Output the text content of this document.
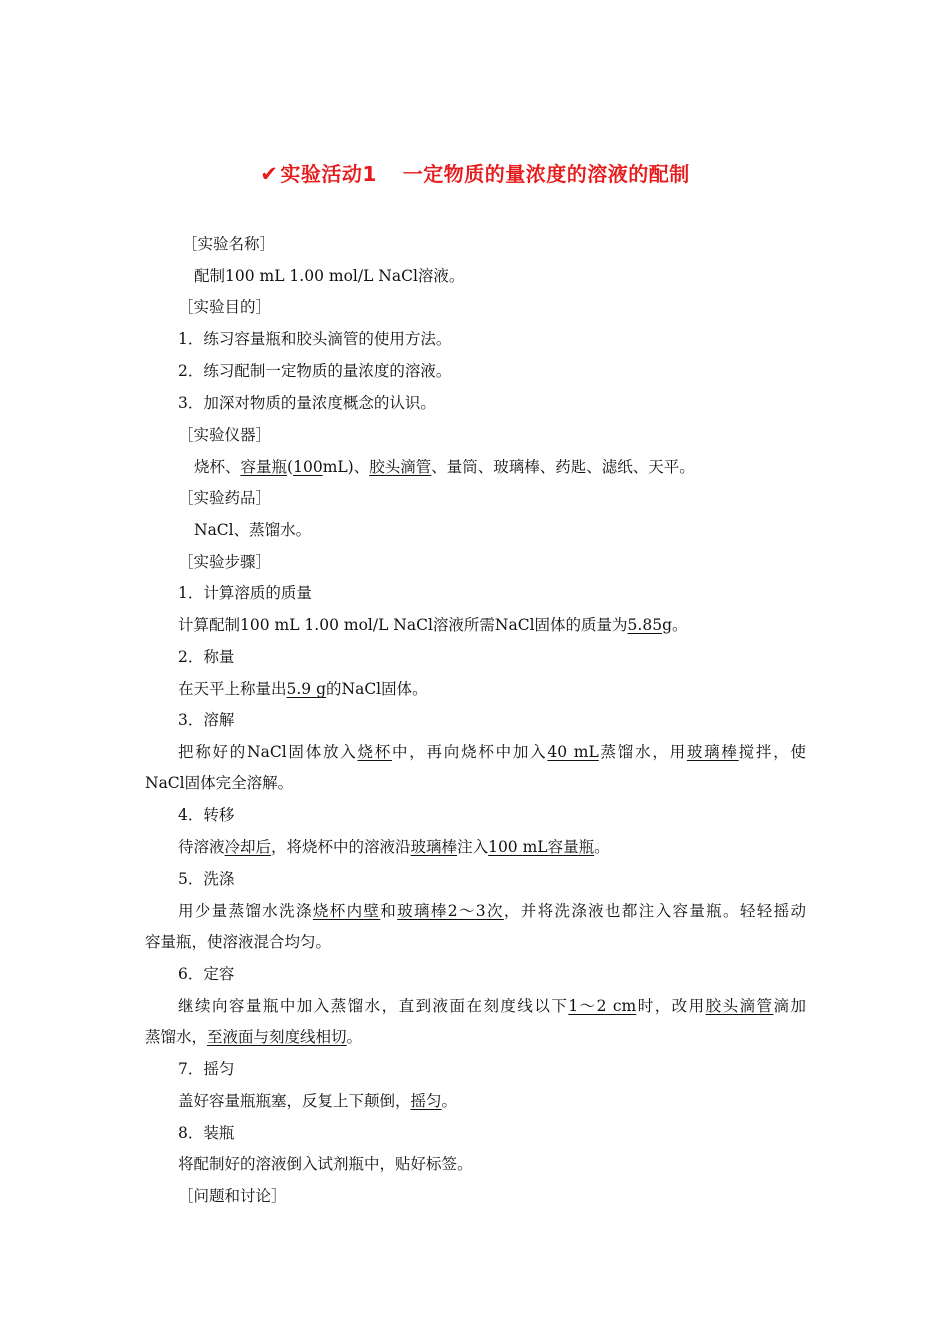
✔ 实验活动1 一定物质的量浓度的溶液的配制
［实验名称］
配制100 mL 1.00 mol/L NaCl溶液。
［实验目的］
1．练习容量瓶和胶头滴管的使用方法。
2．练习配制一定物质的量浓度的溶液。
3．加深对物质的量浓度概念的认识。
［实验仪器］
烧杯、容量瓶(100mL)、胶头滴管、量筒、玻璃棒、药匙、滤纸、天平。
［实验药品］
NaCl、蒸馏水。
［实验步骤］
1．计算溶质的质量
计算配制100 mL 1.00 mol/L NaCl溶液所需NaCl固体的质量为5.85g。
2．称量
在天平上称量出5.9 g的NaCl固体。
3．溶解
把称好的NaCl固体放入烧杯中，再向烧杯中加入40 mL蒸馏水，用玻璃棒搅拌，使
NaCl固体完全溶解。
4．转移
待溶液冷却后，将烧杯中的溶液沿玻璃棒注入100 mL容量瓶。
5．洗涤
用少量蒸馏水洗涤烧杯内壁和玻璃棒2～3次，并将洗涤液也都注入容量瓶。轻轻摇动
容量瓶，使溶液混合均匀。
6．定容
继续向容量瓶中加入蒸馏水，直到液面在刻度线以下1～2 cm时，改用胶头滴管滴加
蒸馏水，至液面与刻度线相切。
7．摇匀
盖好容量瓶瓶塞，反复上下颠倒，摇匀。
8．装瓶
将配制好的溶液倒入试剂瓶中，贴好标签。
［问题和讨论］
